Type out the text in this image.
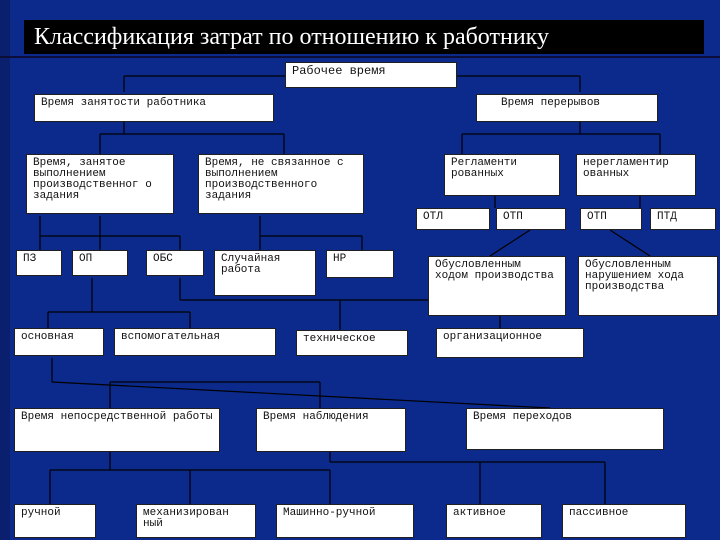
Классификация затрат по отношению к работнику
Рабочее время
Время занятости работника	Время перерывов
Время, занятое выполнением производственног о задания
Время, не связанное с выполнением производственного задания
Регламенти рованных
нерегламентир ованных
ОТЛ	ОТП	ОТП	ПТД
ПЗ	ОП	ОБС	Случайная работа
НР	Обусловленным ходом производства
Обусловленным нарушением хода производства
основная	вспомогательная	техническое	организационное
Время непосредственной работы	Время наблюдения	Время переходов
ручной	механизирован ный
Машинно-ручной	активное	пассивное
